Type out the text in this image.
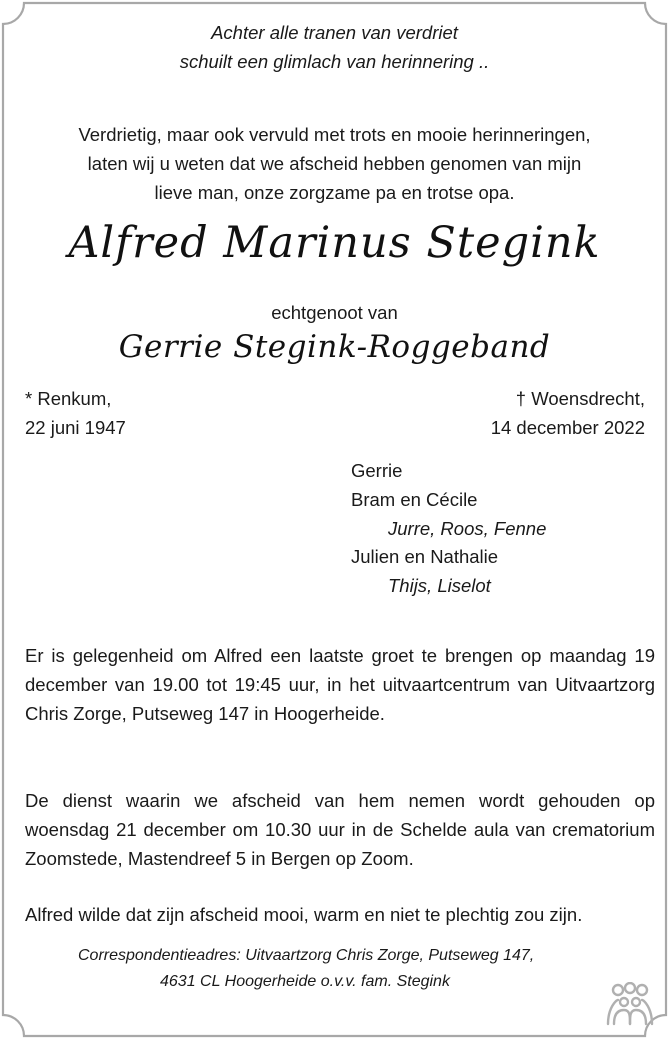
Achter alle tranen van verdriet

schuilt een glimlach van herinnering ..

Verdrietig, maar ook vervuld met trots en mooie herinneringen,

laten wij u weten dat we afscheid hebben genomen van mijn

lieve man, onze zorgzame pa en trotse opa.

Alfred Marinus Stegink

echtgenoot van

Gerrie Stegink-Roggeband

* Renkum,

22 juni 1947

† Woensdrecht,

14 december 2022

Gerrie

Bram en Cécile

Jurre, Roos, Fenne

Julien en Nathalie

Thijs, Liselot

Er is gelegenheid om Alfred een laatste groet te brengen op maandag 19 december van 19.00 tot 19:45 uur, in het uitvaartcentrum van Uitvaartzorg Chris Zorge, Putseweg 147 in Hoogerheide.

De dienst waarin we afscheid van hem nemen wordt gehouden op woensdag 21 december om 10.30 uur in de Schelde aula van crematorium Zoomstede, Mastendreef 5 in Bergen op Zoom.

Alfred wilde dat zijn afscheid mooi, warm en niet te plechtig zou zijn.

Correspondentieadres: Uitvaartzorg Chris Zorge, Putseweg 147,

4631 CL Hoogerheide o.v.v. fam. Stegink
